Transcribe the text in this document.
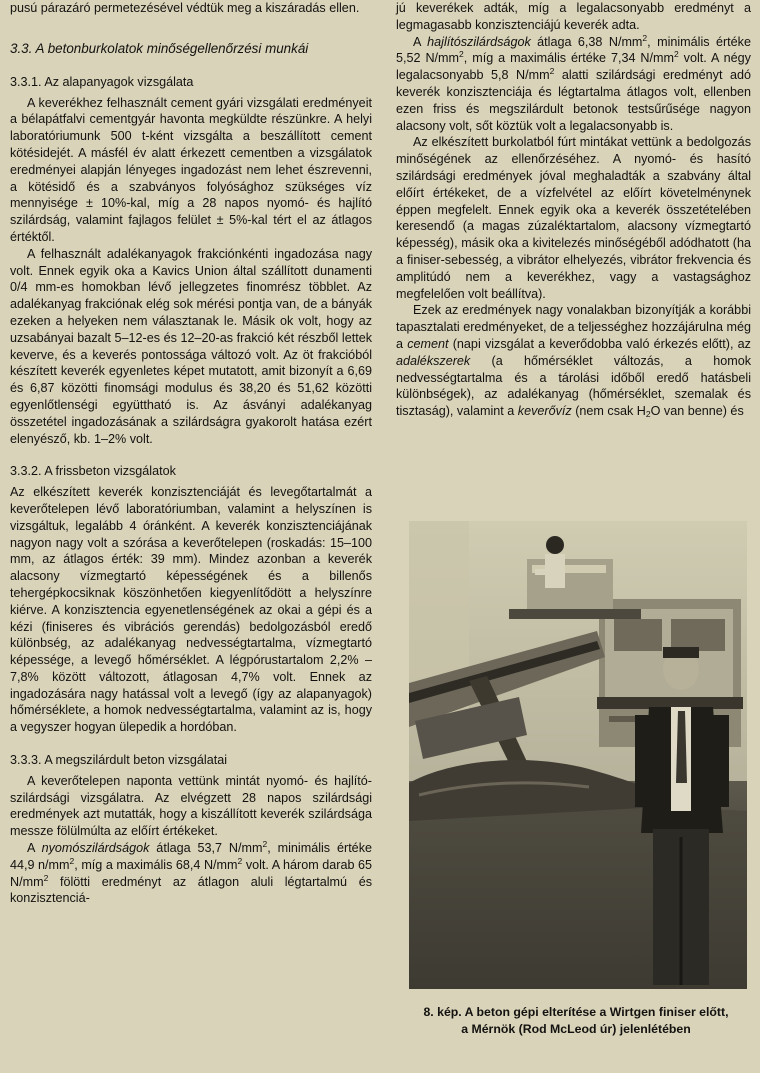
pusú párazáró permetezésével védtük meg a kiszáradás ellen.

3.3. A betonburkolatok minőségellenőrzési munkái
3.3.1. Az alapanyagok vizsgálata

A keverékhez felhasznált cement gyári vizsgálati eredményeit a bélapátfalvi cementgyár havonta megküldte részünkre. A helyi laboratóriumunk 500 t-ként vizsgálta a beszállított cement kötésidejét. A másfél év alatt érkezett cementben a vizsgálatok eredményei alapján lényeges ingadozást nem lehet észrevenni, a kötésidő és a szabványos folyósághoz szükséges víz mennyisége ± 10%-kal, míg a 28 napos nyomó- és hajlító szilárdság, valamint fajlagos felület ± 5%-kal tért el az átlagos értéktől.

A felhasznált adalékanyagok frakciónkénti ingadozása nagy volt. Ennek egyik oka a Kavics Union által szállított dunamenti 0/4 mm-es homokban lévő jellegzetes finomrész többlet. Az adalékanyag frakciónak elég sok mérési pontja van, de a bányák ezeken a helyeken nem választanak le. Másik ok volt, hogy az uzsabányai bazalt 5–12-es és 12–20-as frakció két részből lettek keverve, és a keverés pontossága változó volt. Az öt frakcióból készített keverék egyenletes képet mutatott, amit bizonyít a 6,69 és 6,87 közötti finomsági modulus és 38,20 és 51,62 közötti egyenlőtlenségi együttható is. Az ásványi adalékanyag összetétel ingadozásának a szilárdságra gyakorolt hatása ezért elenyésző, kb. 1–2% volt.

3.3.2. A frissbeton vizsgálatok

Az elkészített keverék konzisztenciáját és levegőtartalmát a keverőtelepen lévő laboratóriumban, valamint a helyszínen is vizsgáltuk, legalább 4 óránként. A keverék konzisztenciájának nagyon nagy volt a szórása a keverőtelepen (roskadás: 15–100 mm, az átlagos érték: 39 mm). Mindez azonban a keverék alacsony vízmegtartó képességének és a billenős tehergépkocsiknak köszönhetően kiegyenlítődött a helyszínre kiérve. A konzisztencia egyenetlenségének az okai a gépi és a kézi (finiseres és vibrációs gerendás) bedolgozásból eredő különbség, az adalékanyag nedvességtartalma, vízmegtartó képessége, a levegő hőmérséklet. A légpórustartalom 2,2% – 7,8% között változott, átlagosan 4,7% volt. Ennek az ingadozására nagy hatással volt a levegő (így az alapanyagok) hőmérséklete, a homok nedvességtartalma, valamint az is, hogy a vegyszer hogyan ülepedik a hordóban.

3.3.3. A megszilárdult beton vizsgálatai

A keverőtelepen naponta vettünk mintát nyomó- és hajlító-szilárdsági vizsgálatra. Az elvégzett 28 napos szilárdsági eredmények azt mutatták, hogy a kiszállított keverék szilárdsága messze fölülmúlta az előírt értékeket.

A nyomószilárdságok átlaga 53,7 $N/mm^2$, minimális értéke 44,9 $n/mm^2$, míg a maximális 68,4 $N/mm^2$ volt. A három darab 65 $N/mm^2$ fölötti eredményt az átlagon aluli légtartalmú és konzisztenciá-

jú keverékek adták, míg a legalacsonyabb eredményt a legmagasabb konzisztenciájú keverék adta.

A hajlítószilárdságok átlaga 6,38 $N/mm^2$, minimális értéke 5,52 $N/mm^2$, míg a maximális értéke 7,34 $N/mm^2$ volt. A négy legalacsonyabb 5,8 $N/mm^2$ alatti szilárdsági eredményt adó keverék konzisztenciája és légtartalma átlagos volt, ellenben ezen friss és megszilárdult betonok testsűrűsége nagyon alacsony volt, sőt köztük volt a legalacsonyabb is.

Az elkészített burkolatból fúrt mintákat vettünk a bedolgozás minőségének az ellenőrzéséhez. A nyomó- és hasító szilárdsági eredmények jóval meghaladták a szabvány által előírt értékeket, de a vízfelvétel az előírt követelménynek éppen megfelelt. Ennek egyik oka a keverék összetételében keresendő (a magas zúzaléktartalom, alacsony vízmegtartó képesség), másik oka a kivitelezés minőségéből adódhatott (ha a finiser-sebesség, a vibrátor elhelyezés, vibrátor frekvencia és amplitúdó nem a keverékhez, vagy a vastagsághoz megfelelően volt beállítva).

Ezek az eredmények nagy vonalakban bizonyítják a korábbi tapasztalati eredményeket, de a teljességhez hozzájárulna még a cement (napi vizsgálat a keverődobba való érkezés előtt), az adalékszerek (a hőmérséklet változás, a homok nedvességtartalma és a tárolási időből eredő hatásbeli különbségek), az adalékanyag (hőmérséklet, szemalak és tisztaság), valamint a keverővíz (nem csak $H_2O$ van benne) és

8. kép. A beton gépi elterítése a Wirtgen finiser előtt,
a Mérnök (Rod McLeod úr) jelenlétében
